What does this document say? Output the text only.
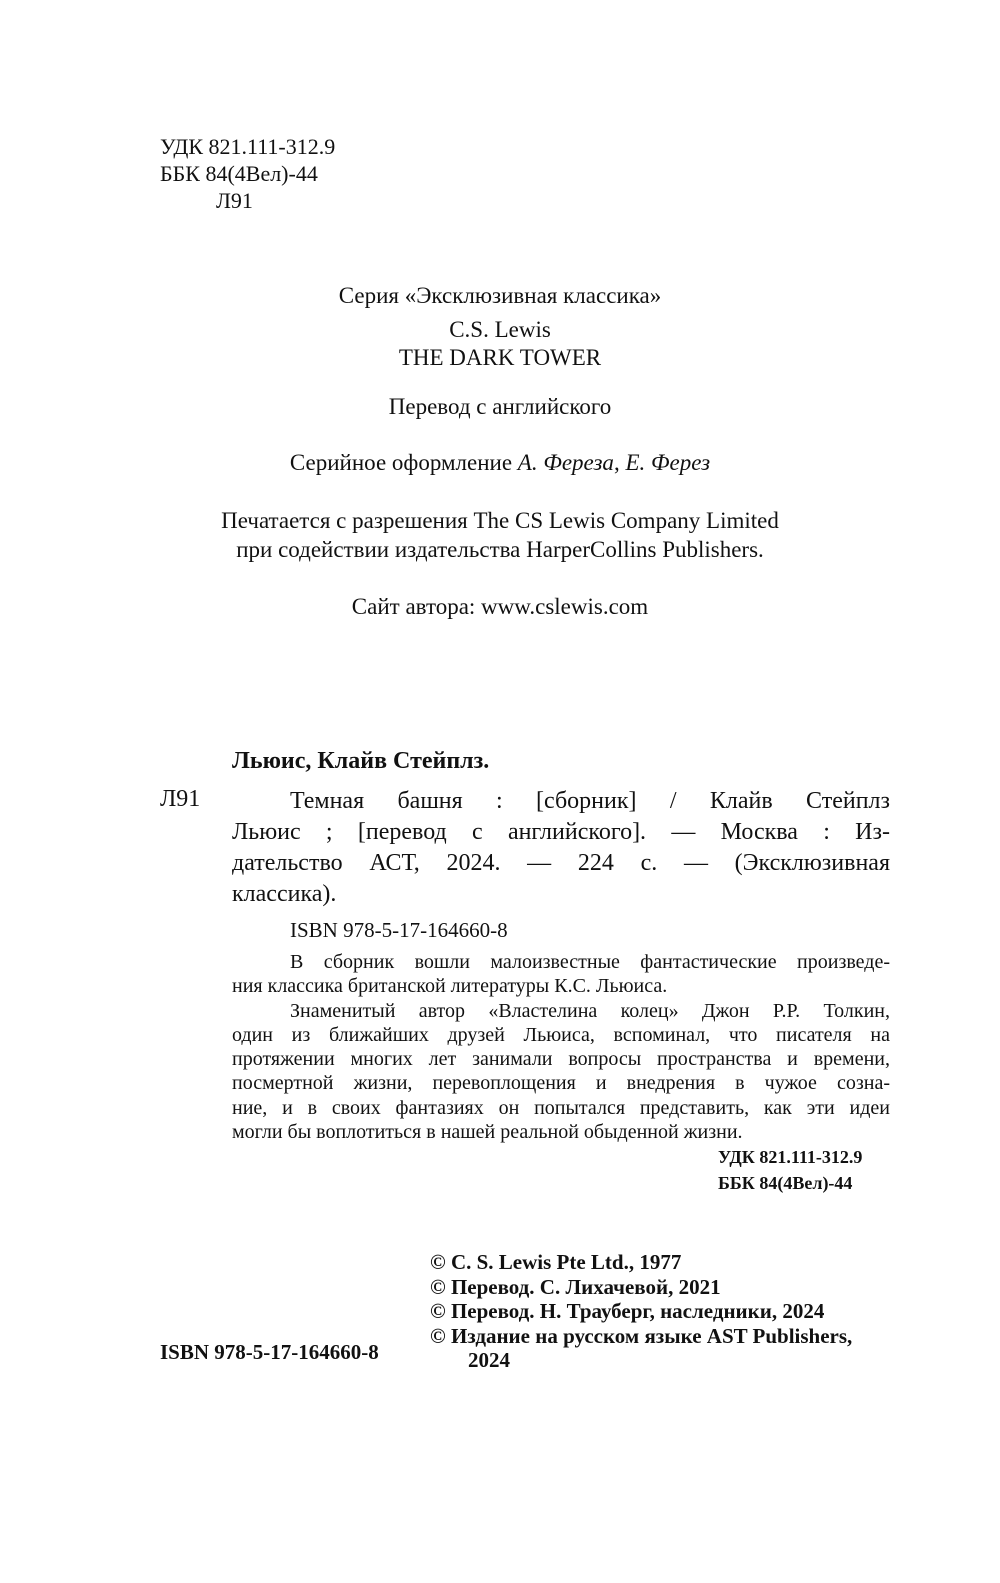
УДК 821.111-312.9
ББК 84(4Вел)-44
Л91
Серия «Эксклюзивная классика»
C.S. Lewis
THE DARK TOWER
Перевод с английского
Серийное оформление А. Фереза, Е. Ферез
Печатается с разрешения The CS Lewis Company Limited
при содействии издательства HarperCollins Publishers.
Сайт автора: www.cslewis.com
Льюис, Клайв Стейплз.
Л91	Темная башня : [сборник] / Клайв Стейплз
Льюис ; [перевод с английского]. — Москва : Из-
дательство АСТ, 2024. — 224 с. — (Эксклюзивная
классика).
ISBN 978-5-17-164660-8
В сборник вошли малоизвестные фантастические произведе-
ния классика британской литературы К.С. Льюиса.
Знаменитый автор «Властелина колец» Джон Р.Р. Толкин,
один из ближайших друзей Льюиса, вспоминал, что писателя на
протяжении многих лет занимали вопросы пространства и времени,
посмертной жизни, перевоплощения и внедрения в чужое созна-
ние, и в своих фантазиях он попытался представить, как эти идеи
могли бы воплотиться в нашей реальной обыденной жизни.
УДК 821.111-312.9
ББК 84(4Вел)-44
© C. S. Lewis Pte Ltd., 1977
© Перевод. С. Лихачевой, 2021
© Перевод. Н. Трауберг, наследники, 2024
© Издание на русском языке AST Publishers,
2024
ISBN 978-5-17-164660-8
